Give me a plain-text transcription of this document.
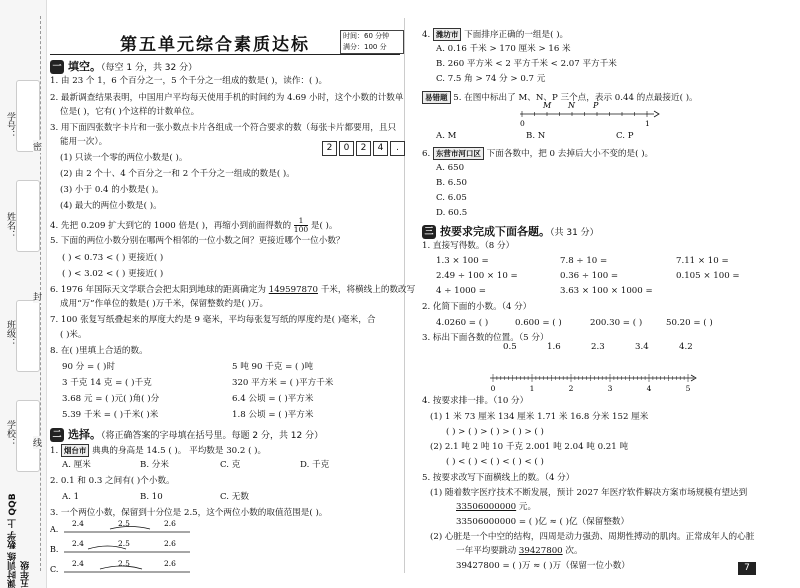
学号：
姓名：
班级：
学校：
密
封
线
课时训练 数学 上 QQB 五年级
第五单元综合素质达标	时间：60 分钟
满分：100 分
一 填空。（每空 1 分，共 32 分）
1. 由 23 个 1，6 个百分之一，5 个千分之一组成的数是( )，读作：( )。
2. 最新调查结果表明，中国用户平均每天使用手机的时间约为 4.69 小时，这个小数的计数单
位是( )，它有( )个这样的计数单位。
3. 用下面四张数字卡片和一张小数点卡片各组成一个符合要求的数（每张卡片都要用，且只
能用一次）。
2 0 2 4 .
(1) 只读一个零的两位小数是( )。
(2) 由 2 个十、4 个百分之一和 2 个千分之一组成的数是( )。
(3) 小于 0.4 的小数是( )。
(4) 最大的两位小数是( )。
4. 先把 0.209 扩大到它的 1000 倍是( )，再缩小到前面得数的 $\frac{1}{100}$ 是( )。
5. 下面的两位小数分别在哪两个相邻的一位小数之间？更接近哪个一位小数？
( ) < 0.73 < ( ) 更接近( )
( ) < 3.02 < ( ) 更接近( )
6. 1976 年国际天文学联合会把太阳到地球的距离确定为 149597870 千米，将横线上的数改写
成用“万”作单位的数是( )万千米，保留整数约是( )万。
7. 100 张复写纸叠起来的厚度大约是 9 毫米，平均每张复写纸的厚度约是( )毫米，合
( )米。
8. 在( )里填上合适的数。
90 分 = ( )时	5 吨 90 千克 = ( )吨
3 千克 14 克 = ( )千克	320 平方米 = ( )平方千米
3.68 元 = ( )元( )角( )分	6.4 公顷 = ( )平方米
5.39 千米 = ( )千米( )米	1.8 公顷 = ( )平方米
二 选择。（将正确答案的字母填在括号里。每题 2 分，共 12 分）
1. 烟台市 典典的身高是 14.5 ( )。 平均数是 30.2 ( )。
A. 厘米	B. 分米	C. 克	D. 千克
2. 0.1 和 0.3 之间有( )个小数。
A. 1	B. 10	C. 无数
3. 一个两位小数，保留到十分位是 2.5，这个两位小数的取值范围是( )。
A.
2.4	2.5	2.6
B.
2.4	2.5	2.6
C.
2.4	2.5	2.6
4. 潍坊市 下面排序正确的一组是( )。
A. 0.16 千米 > 170 厘米 > 16 米
B. 260 平方米 < 2 平方千米 < 2.07 平方千米
C. 7.5 角 > 74 分 > 0.7 元
易错题 5. 在图中标出了 M、N、P 三个点，表示 0.44 的点最接近( )。
0	1
M N P
A. M	B. N	C. P
6. 东营市河口区 下面各数中，把 0 去掉后大小不变的是( )。
A. 650
B. 6.50
C. 6.05
D. 60.5
三 按要求完成下面各题。（共 31 分）
1. 直接写得数。（8 分）
1.3 × 100 =	7.8 ÷ 10 =	7.11 × 10 =
2.49 ÷ 100 × 10 =	0.36 ÷ 100 =	0.105 × 100 =
4 ÷ 1000 =	3.63 × 100 × 1000 =
2. 化简下面的小数。（4 分）
4.0260 = ( )	0.600 = ( )	200.30 = ( )	50.20 = ( )
3. 标出下面各数的位置。（5 分）
0.5	1.6	2.3	3.4	4.2
0	1	2	3	4	5
4. 按要求排一排。（10 分）
(1) 1 米 73 厘米 134 厘米 1.71 米 16.8 分米 152 厘米
( ) > ( ) > ( ) > ( ) > ( )
(2) 2.1 吨 2 吨 10 千克 2.001 吨 2.04 吨 0.21 吨
( ) < ( ) < ( ) < ( ) < ( )
5. 按要求改写下面横线上的数。（4 分）
(1) 随着数字医疗技术不断发展，预计 2027 年医疗软件解决方案市场规模有望达到
33506000000 元。
33506000000 = ( )亿 ≈ ( )亿（保留整数）
(2) 心脏是一个中空的结构，四周是动力强劲、周期性搏动的肌肉。正常成年人的心脏
一年平均要跳动 39427800 次。
39427800 = ( )万 ≈ ( )万（保留一位小数）	7
